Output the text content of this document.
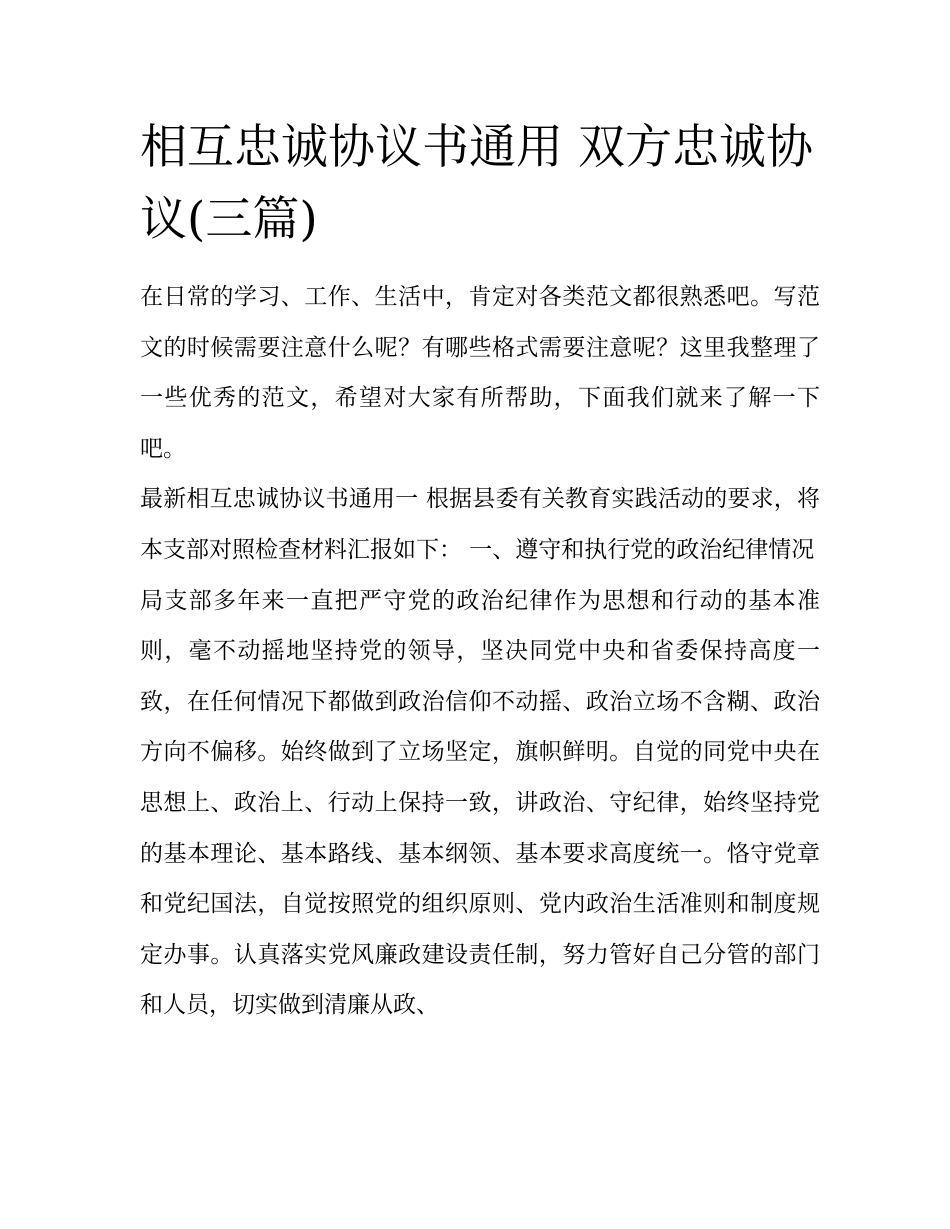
相互忠诚协议书通用 双方忠诚协议(三篇)

在日常的学习、工作、生活中，肯定对各类范文都很熟悉吧。写范文的时候需要注意什么呢？有哪些格式需要注意呢？这里我整理了一些优秀的范文，希望对大家有所帮助，下面我们就来了解一下吧。

最新相互忠诚协议书通用一 根据县委有关教育实践活动的要求，将本支部对照检查材料汇报如下： 一、遵守和执行党的政治纪律情况

局支部多年来一直把严守党的政治纪律作为思想和行动的基本准则，毫不动摇地坚持党的领导，坚决同党中央和省委保持高度一致，在任何情况下都做到政治信仰不动摇、政治立场不含糊、政治方向不偏移。始终做到了立场坚定，旗帜鲜明。自觉的同党中央在思想上、政治上、行动上保持一致，讲政治、守纪律，始终坚持党的基本理论、基本路线、基本纲领、基本要求高度统一。恪守党章和党纪国法，自觉按照党的组织原则、党内政治生活准则和制度规定办事。认真落实党风廉政建设责任制，努力管好自己分管的部门和人员，切实做到清廉从政、
